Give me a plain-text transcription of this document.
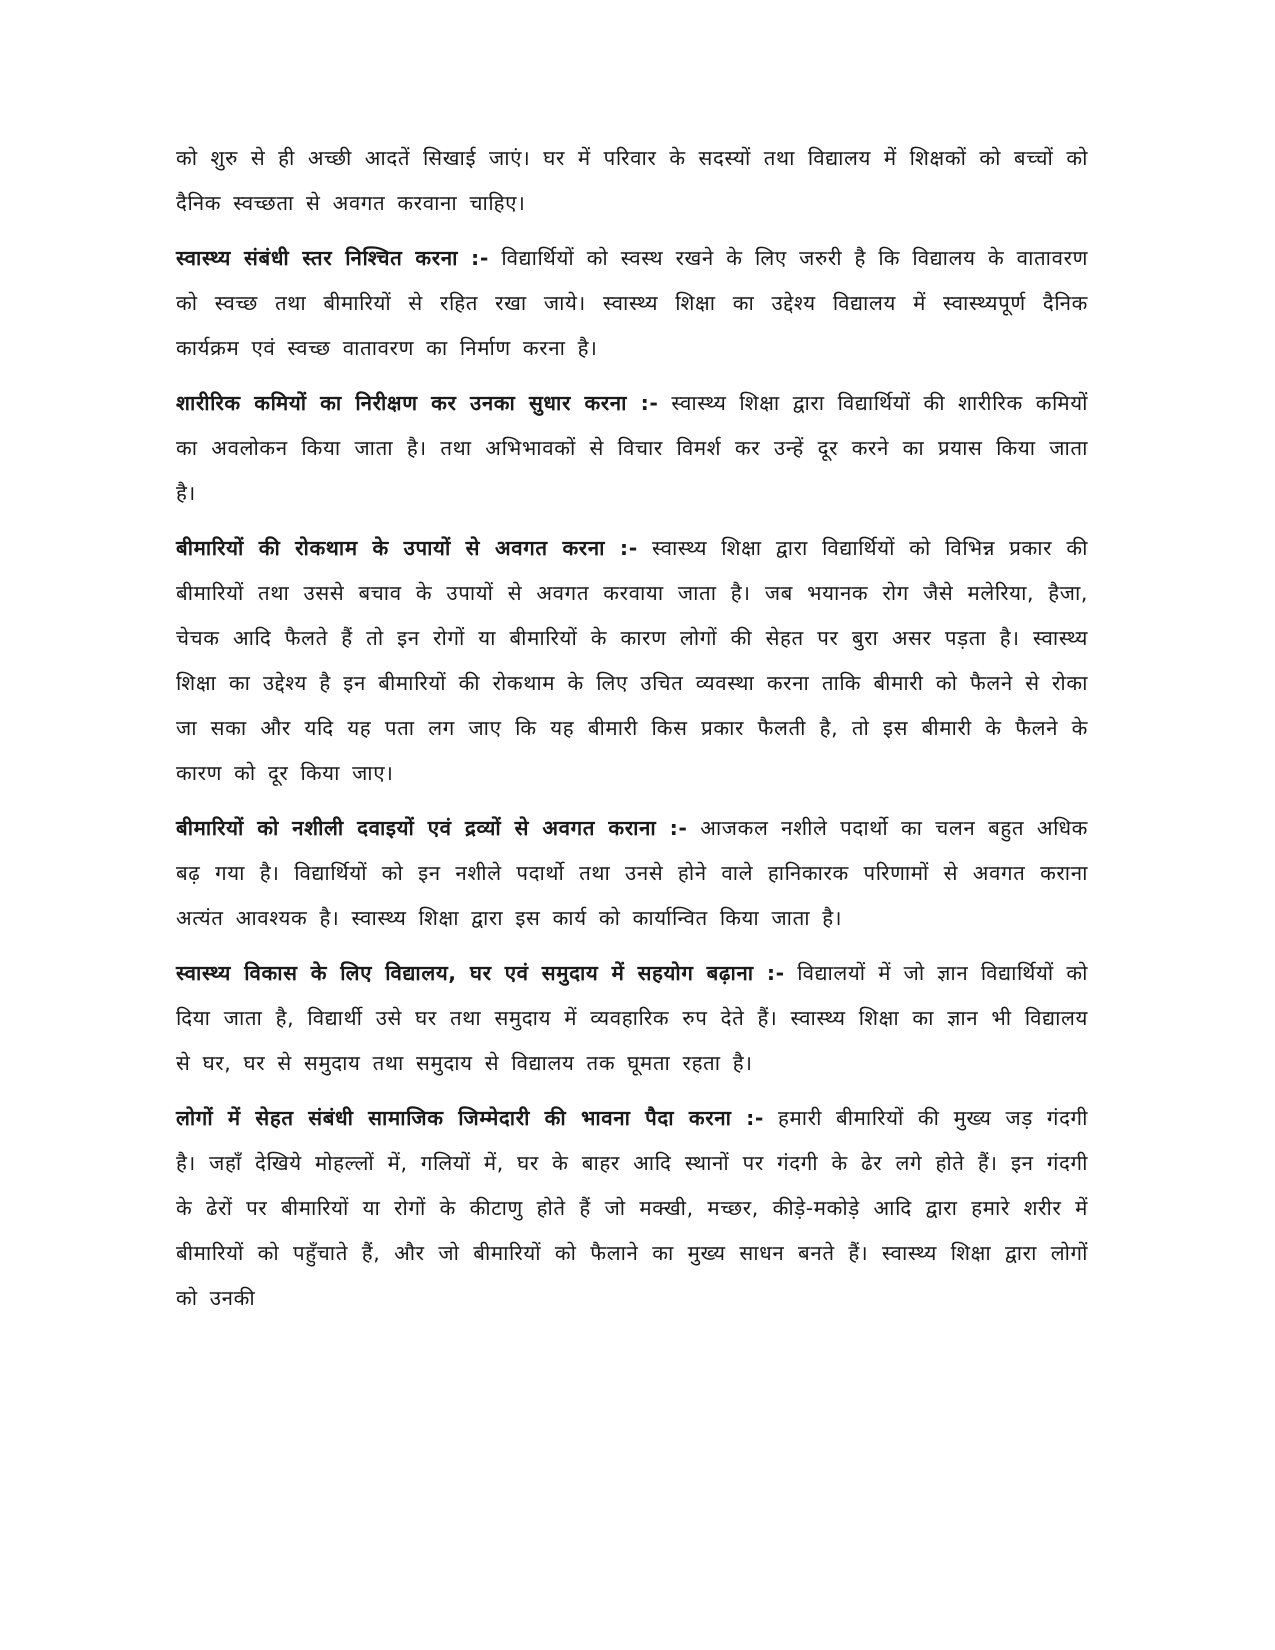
को शुरु से ही अच्छी आदतें सिखाई जाएं। घर में परिवार के सदस्यों तथा विद्यालय में शिक्षकों को बच्चों को दैनिक स्वच्छता से अवगत करवाना चाहिए।

स्वास्थ्य संबंधी स्तर निश्चित करना :- विद्यार्थियों को स्वस्थ रखने के लिए जरुरी है कि विद्यालय के वातावरण को स्वच्छ तथा बीमारियों से रहित रखा जाये। स्वास्थ्य शिक्षा का उद्देश्य विद्यालय में स्वास्थ्यपूर्ण दैनिक कार्यक्रम एवं स्वच्छ वातावरण का निर्माण करना है।

शारीरिक कमियों का निरीक्षण कर उनका सुधार करना :- स्वास्थ्य शिक्षा द्वारा विद्यार्थियों की शारीरिक कमियों का अवलोकन किया जाता है। तथा अभिभावकों से विचार विमर्श कर उन्हें दूर करने का प्रयास किया जाता है।

बीमारियों की रोकथाम के उपायों से अवगत करना :- स्वास्थ्य शिक्षा द्वारा विद्यार्थियों को विभिन्न प्रकार की बीमारियों तथा उससे बचाव के उपायों से अवगत करवाया जाता है। जब भयानक रोग जैसे मलेरिया, हैजा, चेचक आदि फैलते हैं तो इन रोगों या बीमारियों के कारण लोगों की सेहत पर बुरा असर पड़ता है। स्वास्थ्य शिक्षा का उद्देश्य है इन बीमारियों की रोकथाम के लिए उचित व्यवस्था करना ताकि बीमारी को फैलने से रोका जा सका और यदि यह पता लग जाए कि यह बीमारी किस प्रकार फैलती है, तो इस बीमारी के फैलने के कारण को दूर किया जाए।

बीमारियों को नशीली दवाइयों एवं द्रव्यों से अवगत कराना :- आजकल नशीले पदार्थो का चलन बहुत अधिक बढ़ गया है। विद्यार्थियों को इन नशीले पदार्थो तथा उनसे होने वाले हानिकारक परिणामों से अवगत कराना अत्यंत आवश्यक है। स्वास्थ्य शिक्षा द्वारा इस कार्य को कार्यान्वित किया जाता है।

स्वास्थ्य विकास के लिए विद्यालय, घर एवं समुदाय में सहयोग बढ़ाना :- विद्यालयों में जो ज्ञान विद्यार्थियों को दिया जाता है, विद्यार्थी उसे घर तथा समुदाय में व्यवहारिक रुप देते हैं। स्वास्थ्य शिक्षा का ज्ञान भी विद्यालय से घर, घर से समुदाय तथा समुदाय से विद्यालय तक घूमता रहता है।

लोगों में सेहत संबंधी सामाजिक जिम्मेदारी की भावना पैदा करना :- हमारी बीमारियों की मुख्य जड़ गंदगी है। जहाँ देखिये मोहल्लों में, गलियों में, घर के बाहर आदि स्थानों पर गंदगी के ढेर लगे होते हैं। इन गंदगी के ढेरों पर बीमारियों या रोगों के कीटाणु होते हैं जो मक्खी, मच्छर, कीड़े-मकोड़े आदि द्वारा हमारे शरीर में बीमारियों को पहुँचाते हैं, और जो बीमारियों को फैलाने का मुख्य साधन बनते हैं। स्वास्थ्य शिक्षा द्वारा लोगों को उनकी
